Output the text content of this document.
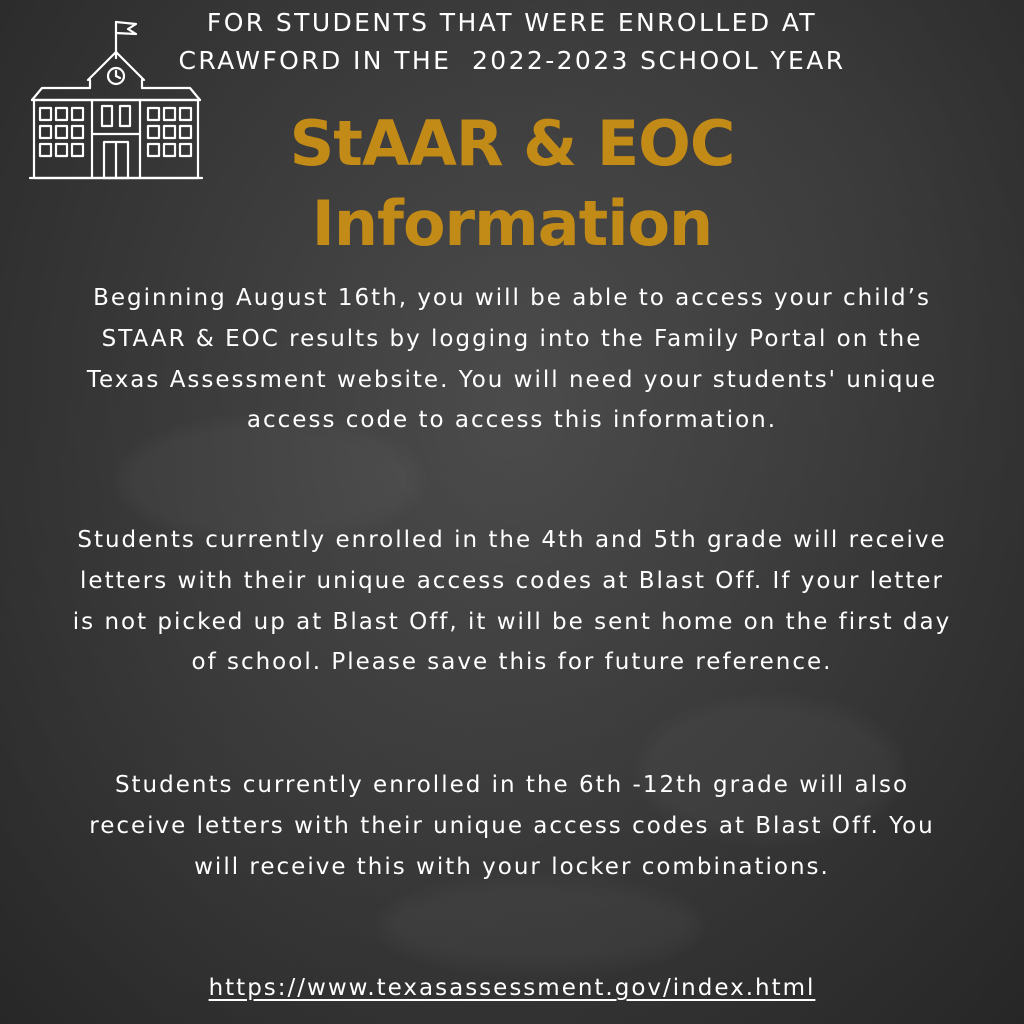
FOR STUDENTS THAT WERE ENROLLED AT
CRAWFORD IN THE  2022-2023 SCHOOL YEAR
StAAR & EOC
Information

Beginning August 16th, you will be able to access your child’s STAAR & EOC results by logging into the Family Portal on the Texas Assessment website. You will need your students' unique access code to access this information.

Students currently enrolled in the 4th and 5th grade will receive letters with their unique access codes at Blast Off. If your letter is not picked up at Blast Off, it will be sent home on the first day of school. Please save this for future reference.

Students currently enrolled in the 6th -12th grade will also receive letters with their unique access codes at Blast Off. You will receive this with your locker combinations.

https://www.texasassessment.gov/index.html
